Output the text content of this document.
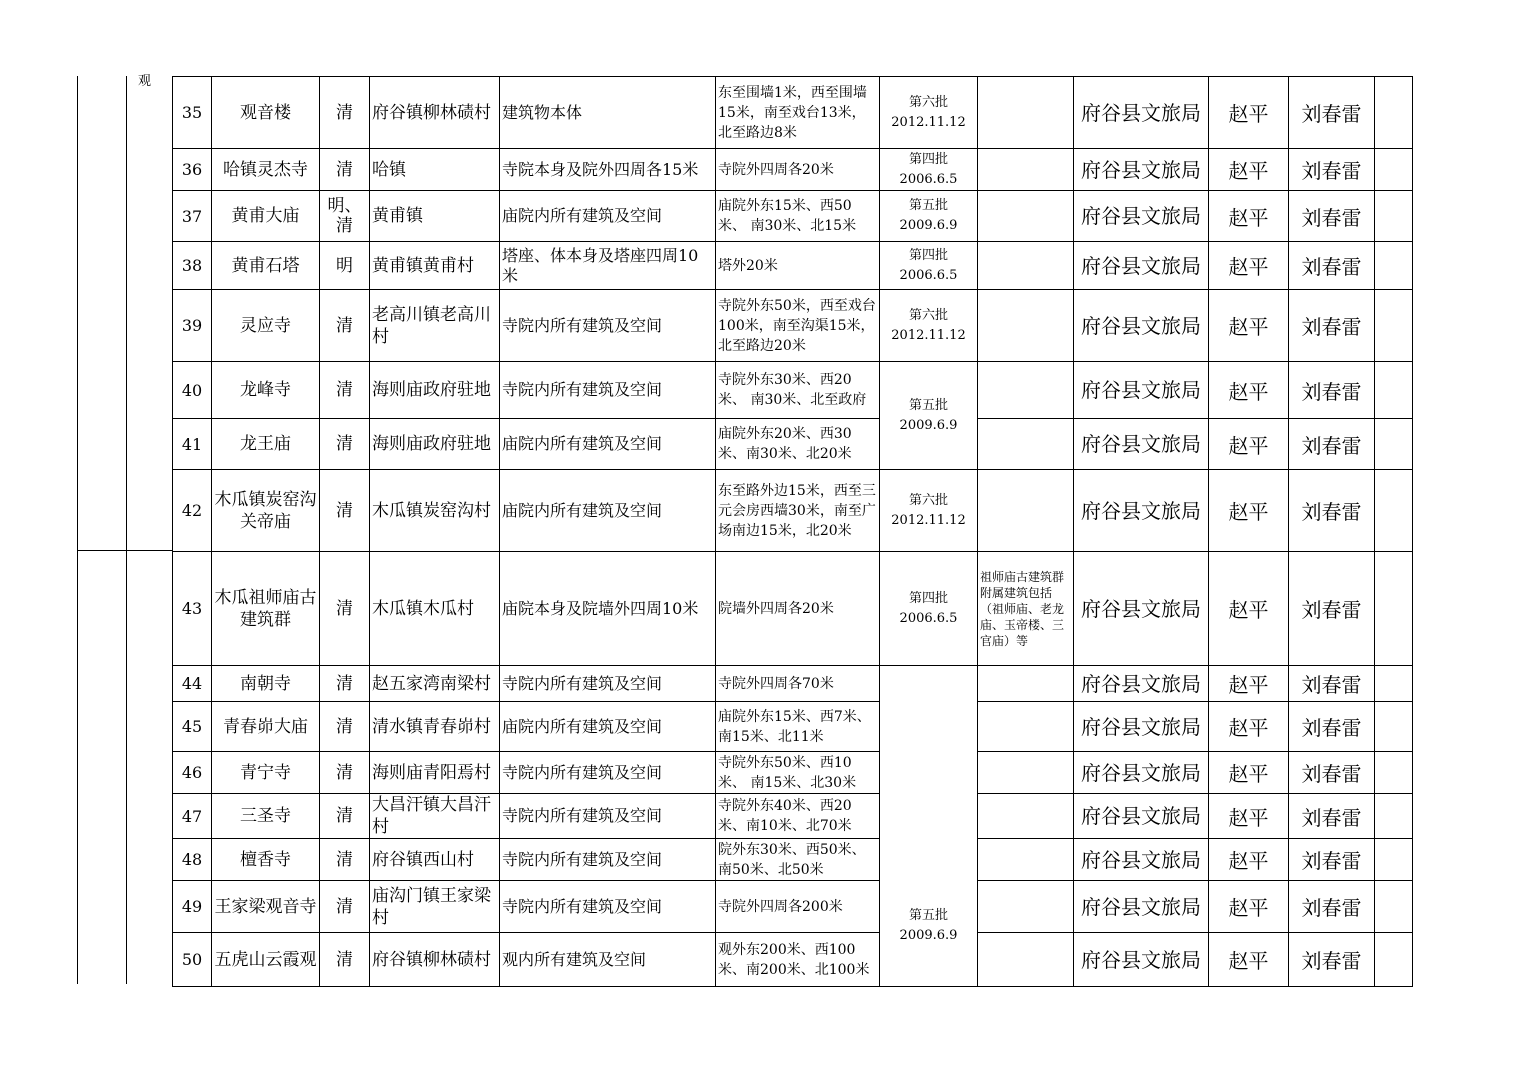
观
35	观音楼	清	府谷镇柳林碛村	建筑物本体	东至围墙1米，西至围墙15米，南至戏台13米，北至路边8米	第六批
2012.11.12		府谷县文旅局	赵平	刘春雷	
36	哈镇灵杰寺	清	哈镇	寺院本身及院外四周各15米	寺院外四周各20米	第四批
2006.6.5		府谷县文旅局	赵平	刘春雷	
37	黄甫大庙	明、清	黄甫镇	庙院内所有建筑及空间	庙院外东15米、西50米、 南30米、北15米	第五批
2009.6.9		府谷县文旅局	赵平	刘春雷	
38	黄甫石塔	明	黄甫镇黄甫村	塔座、体本身及塔座四周10米	塔外20米	第四批
2006.6.5		府谷县文旅局	赵平	刘春雷	
39	灵应寺	清	老高川镇老高川村	寺院内所有建筑及空间	寺院外东50米，西至戏台100米，南至沟渠15米，北至路边20米	第六批
2012.11.12		府谷县文旅局	赵平	刘春雷	
40	龙峰寺	清	海则庙政府驻地	寺院内所有建筑及空间	寺院外东30米、西20米、 南30米、北至政府	第五批
2009.6.9		府谷县文旅局	赵平	刘春雷	
41	龙王庙	清	海则庙政府驻地	庙院内所有建筑及空间	庙院外东20米、西30米、南30米、北20米			府谷县文旅局	赵平	刘春雷	
42	木瓜镇炭窑沟关帝庙	清	木瓜镇炭窑沟村	庙院内所有建筑及空间	东至路外边15米，西至三元会房西墙30米，南至广场南边15米，北20米	第六批
2012.11.12		府谷县文旅局	赵平	刘春雷	
43	木瓜祖师庙古建筑群	清	木瓜镇木瓜村	庙院本身及院墙外四周10米	院墙外四周各20米	第四批
2006.6.5	祖师庙古建筑群附属建筑包括（祖师庙、老龙庙、玉帝楼、三官庙）等	府谷县文旅局	赵平	刘春雷	
44	南朝寺	清	赵五家湾南梁村	寺院内所有建筑及空间	寺院外四周各70米	第五批
2009.6.9		府谷县文旅局	赵平	刘春雷	
45	青春峁大庙	清	清水镇青春峁村	庙院内所有建筑及空间	庙院外东15米、西7米、南15米、北11米			府谷县文旅局	赵平	刘春雷	
46	青宁寺	清	海则庙青阳焉村	寺院内所有建筑及空间	寺院外东50米、西10米、 南15米、北30米			府谷县文旅局	赵平	刘春雷	
47	三圣寺	清	大昌汗镇大昌汗村	寺院内所有建筑及空间	寺院外东40米、西20米、南10米、北70米			府谷县文旅局	赵平	刘春雷	
48	檀香寺	清	府谷镇西山村	寺院内所有建筑及空间	院外东30米、西50米、 南50米、北50米			府谷县文旅局	赵平	刘春雷	
49	王家梁观音寺	清	庙沟门镇王家梁村	寺院内所有建筑及空间	寺院外四周各200米			府谷县文旅局	赵平	刘春雷	
50	五虎山云霞观	清	府谷镇柳林碛村	观内所有建筑及空间	观外东200米、西100米、南200米、北100米			府谷县文旅局	赵平	刘春雷	
